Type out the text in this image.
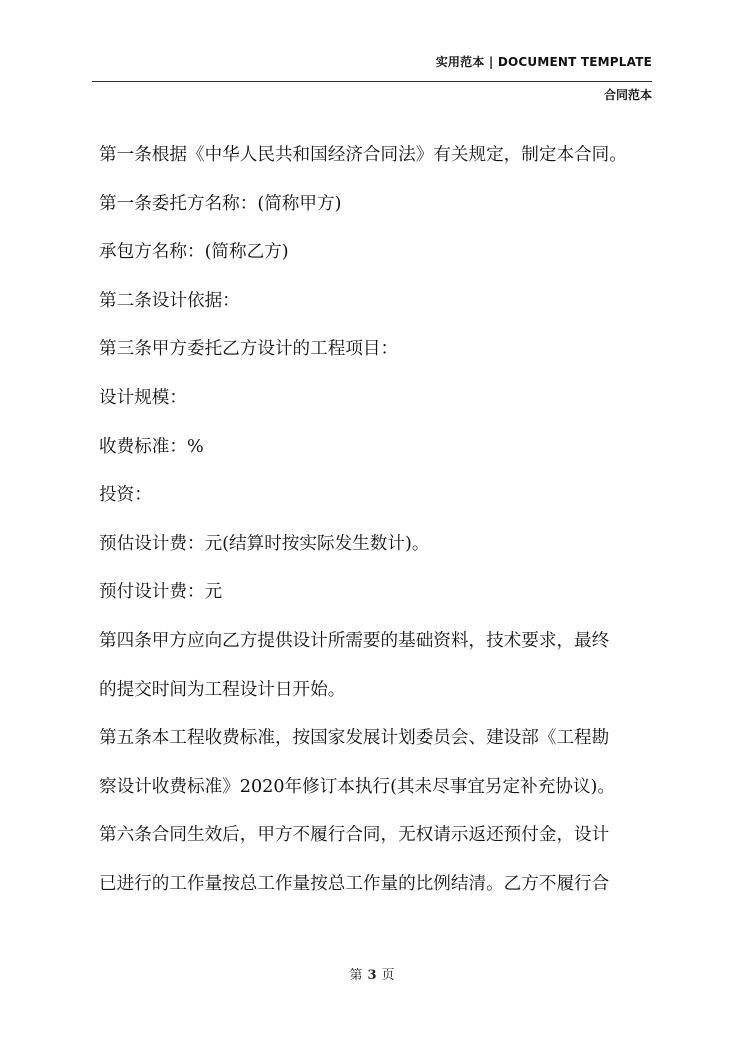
实用范本 | DOCUMENT TEMPLATE
合同范本
第一条根据《中华人民共和国经济合同法》有关规定，制定本合同。
第一条委托方名称：(简称甲方)
承包方名称：(简称乙方)
第二条设计依据：
第三条甲方委托乙方设计的工程项目：
设计规模：
收费标准：%
投资：
预估设计费：元(结算时按实际发生数计)。
预付设计费：元
第四条甲方应向乙方提供设计所需要的基础资料，技术要求，最终
的提交时间为工程设计日开始。
第五条本工程收费标准，按国家发展计划委员会、建设部《工程勘
察设计收费标准》2020年修订本执行(其未尽事宜另定补充协议)。
第六条合同生效后，甲方不履行合同，无权请示返还预付金，设计
已进行的工作量按总工作量按总工作量的比例结清。乙方不履行合
第 3 页
